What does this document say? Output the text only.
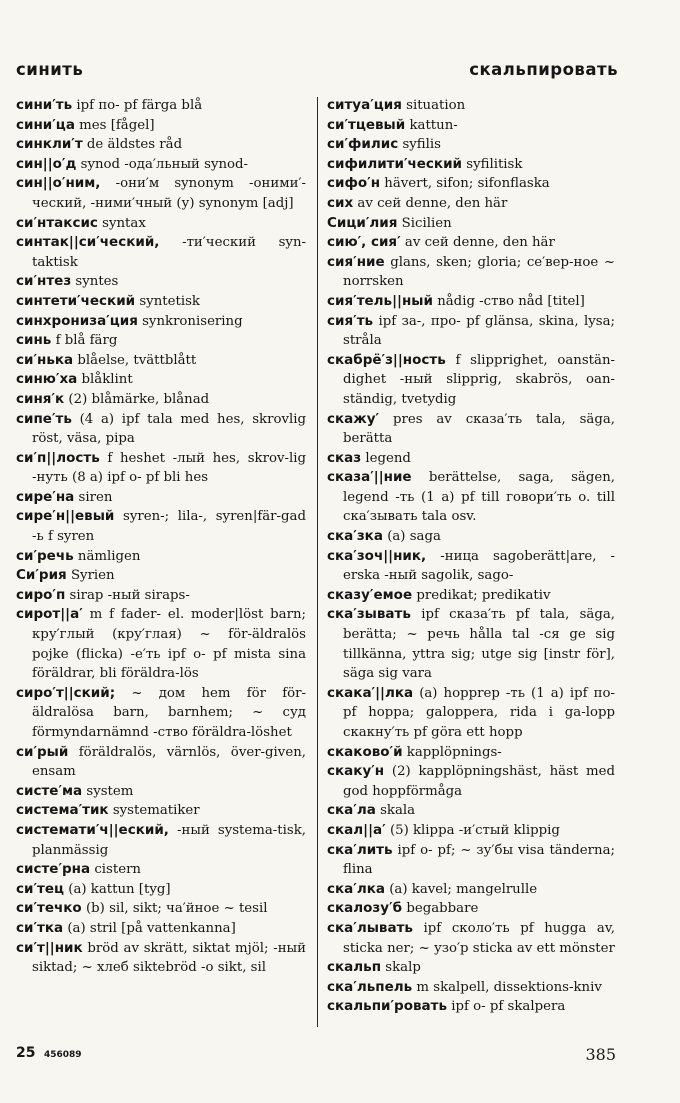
синить	скальпировать
сини′ть ipf по- pf färga blå
сини′ца mes [fågel]
синкли′т de äldstes råd
син||о′д synod -ода′льный synod-
син||о′ним, -они′м synonym -оними′-ческий, -ними′чный (у) synonym [adj]
си′нтаксис syntax
синтак||си′ческий, -ти′ческий syn-taktisk
си′нтез syntes
синтети′ческий syntetisk
синхрониза′ция synkronisering
синь f blå färg
си′нька blåelse, tvättblått
синю′ха blåklint
синя′к (2) blåmärke, blånad
сипе′ть (4 a) ipf tala med hes, skrovlig röst, väsa, pipa
си′п||лость f heshet -лый hes, skrov-lig -нуть (8 a) ipf о- pf bli hes
сире′на siren
сире′н||евый syren-; lila-, syren|fär-gad -ь f syren
си′речь nämligen
Си′рия Syrien
сиро′п sirap -ный siraps-
сирот||а′ m f fader- el. moder|löst barn; кру′глый (кру′глая) ~ för-äldralös pojke (flicka) -е′ть ipf о- pf mista sina föräldrar, bli föräldra-lös
сиро′т||ский; ~ дом hem för för-äldralösa barn, barnhem; ~ суд förmyndarnämnd -ство föräldra-löshet
си′рый föräldralös, värnlös, över-given, ensam
систе′ма system
система′тик systematiker
системати′ч||еский, -ный systema-tisk, planmässig
систе′рна cistern
си′тец (a) kattun [tyg]
си′течко (b) sil, sikt; ча′йное ~ tesil
си′тка (a) stril [på vattenkanna]
си′т||ник bröd av skrätt, siktat mjöl; -ный siktad; ~ хлеб siktebröd -о sikt, sil
ситуа′ция situation
си′тцевый kattun-
си′филис syfilis
сифилити′ческий syfilitisk
сифо′н hävert, sifon; sifonflaska
сих av сей denne, den här
Сици′лия Sicilien
сию′, сия′ av сей denne, den här
сия′ние glans, sken; gloria; се′вер-ное ~ norrsken
сия′тель||ный nådig -ство nåd [titel]
сия′ть ipf за-, про- pf glänsa, skina, lysa; stråla
скабрё′з||ность f slipprighet, oanstän-dighet -ный slipprig, skabrös, oan-ständig, tvetydig
скажу′ pres av сказа′ть tala, säga, berätta
сказ legend
сказа′||ние berättelse, saga, sägen, legend -ть (1 a) pf till говори′ть o. till ска′зывать tala osv.
ска′зка (a) saga
ска′зоч||ник, -ница sagoberätt|are, -erska -ный sagolik, sago-
сказу′емое predikat; predikativ
ска′зывать ipf сказа′ть pf tala, säga, berätta; ~ речь hålla tal -ся ge sig tillkänna, yttra sig; utge sig [instr för], säga sig vara
скака′||лка (a) hopprep -ть (1 a) ipf по- pf hoppa; galoppera, rida i ga-lopp скакну′ть pf göra ett hopp
скаково′й kapplöpnings-
скаку′н (2) kapplöpningshäst, häst med god hoppförmåga
ска′ла skala
скал||а′ (5) klippa -и′стый klippig
ска′лить ipf о- pf; ~ зу′бы visa tänderna; flina
ска′лка (a) kavel; mangelrulle
скалозу′б begabbare
ска′лывать ipf сколо′ть pf hugga av, sticka ner; ~ узо′р sticka av ett mönster
скальп skalp
ска′льпель m skalpell, dissektions-kniv
скальпи′ровать ipf о- pf skalpera
25 456089	385
